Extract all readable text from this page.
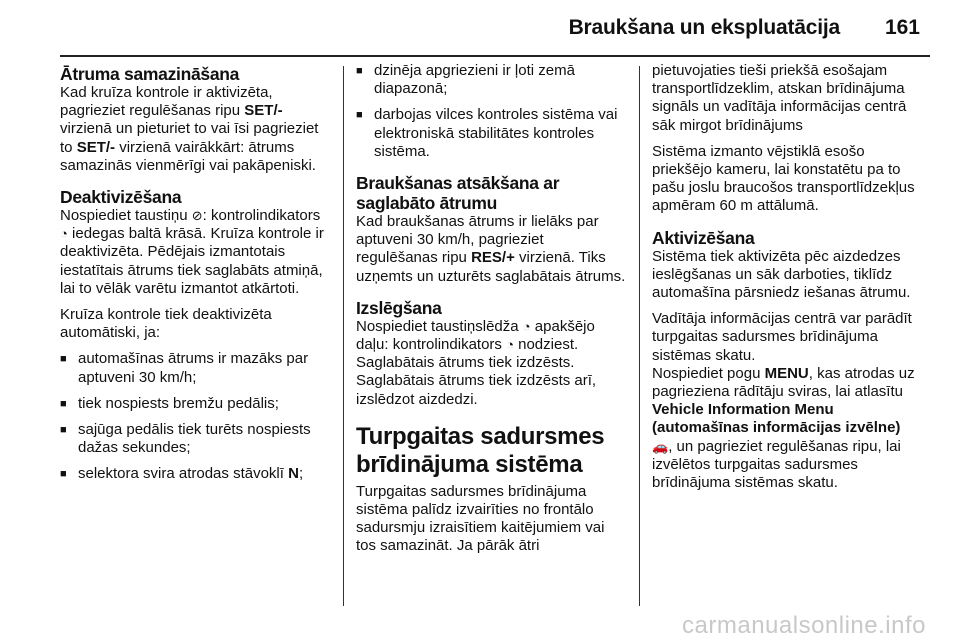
Braukšana un ekspluatācija 161
Ātruma samazināšana

Kad kruīza kontrole ir aktivizēta, pagrieziet regulēšanas ripu SET/- virzienā un pieturiet to vai īsi pagrieziet to SET/- virzienā vairākkārt: ātrums samazinās vienmērīgi vai pakāpeniski.

Deaktivizēšana

Nospiediet taustiņu ⊘: kontrolindikators ◔ iedegas baltā krāsā. Kruīza kontrole ir deaktivizēta. Pēdējais izmantotais iestatītais ātrums tiek saglabāts atmiņā, lai to vēlāk varētu izmantot atkārtoti.

Kruīza kontrole tiek deaktivizēta automātiski, ja:

■ automašīnas ātrums ir mazāks par aptuveni 30 km/h;
■ tiek nospiests bremžu pedālis;
■ sajūga pedālis tiek turēts nospiests dažas sekundes;
■ selektora svira atrodas stāvoklī N;
■ dzinēja apgriezieni ir ļoti zemā diapazonā;
■ darbojas vilces kontroles sistēma vai elektroniskā stabilitātes kontroles sistēma.
Braukšanas atsākšana ar saglabāto ātrumu

Kad braukšanas ātrums ir lielāks par aptuveni 30 km/h, pagrieziet regulēšanas ripu RES/+ virzienā. Tiks uzņemts un uzturēts saglabātais ātrums.

Izslēgšana

Nospiediet taustiņslēdža ◔ apakšējo daļu: kontrolindikators ◔ nodziest. Saglabātais ātrums tiek izdzēsts. Saglabātais ātrums tiek izdzēsts arī, izslēdzot aizdedzi.

Turpgaitas sadursmes brīdinājuma sistēma

Turpgaitas sadursmes brīdinājuma sistēma palīdz izvairīties no frontālo sadursmju izraisītiem kaitējumiem vai tos samazināt. Ja pārāk ātri

pietuvojaties tieši priekšā esošajam transportlīdzeklim, atskan brīdinājuma signāls un vadītāja informācijas centrā sāk mirgot brīdinājums

Sistēma izmanto vējstiklā esošo priekšējo kameru, lai konstatētu pa to pašu joslu braucošos transportlīdzekļus apmēram 60 m attālumā.

Aktivizēšana

Sistēma tiek aktivizēta pēc aizdedzes ieslēgšanas un sāk darboties, tiklīdz automašīna pārsniedz iešanas ātrumu.

Vadītāja informācijas centrā var parādīt turpgaitas sadursmes brīdinājuma sistēmas skatu.

Nospiediet pogu MENU, kas atrodas uz pagrieziena rādītāju sviras, lai atlasītu Vehicle Information Menu (automašīnas informācijas izvēlne)
🚗, un pagrieziet regulēšanas ripu, lai izvēlētos turpgaitas sadursmes brīdinājuma sistēmas skatu.

carmanualsonline.info
